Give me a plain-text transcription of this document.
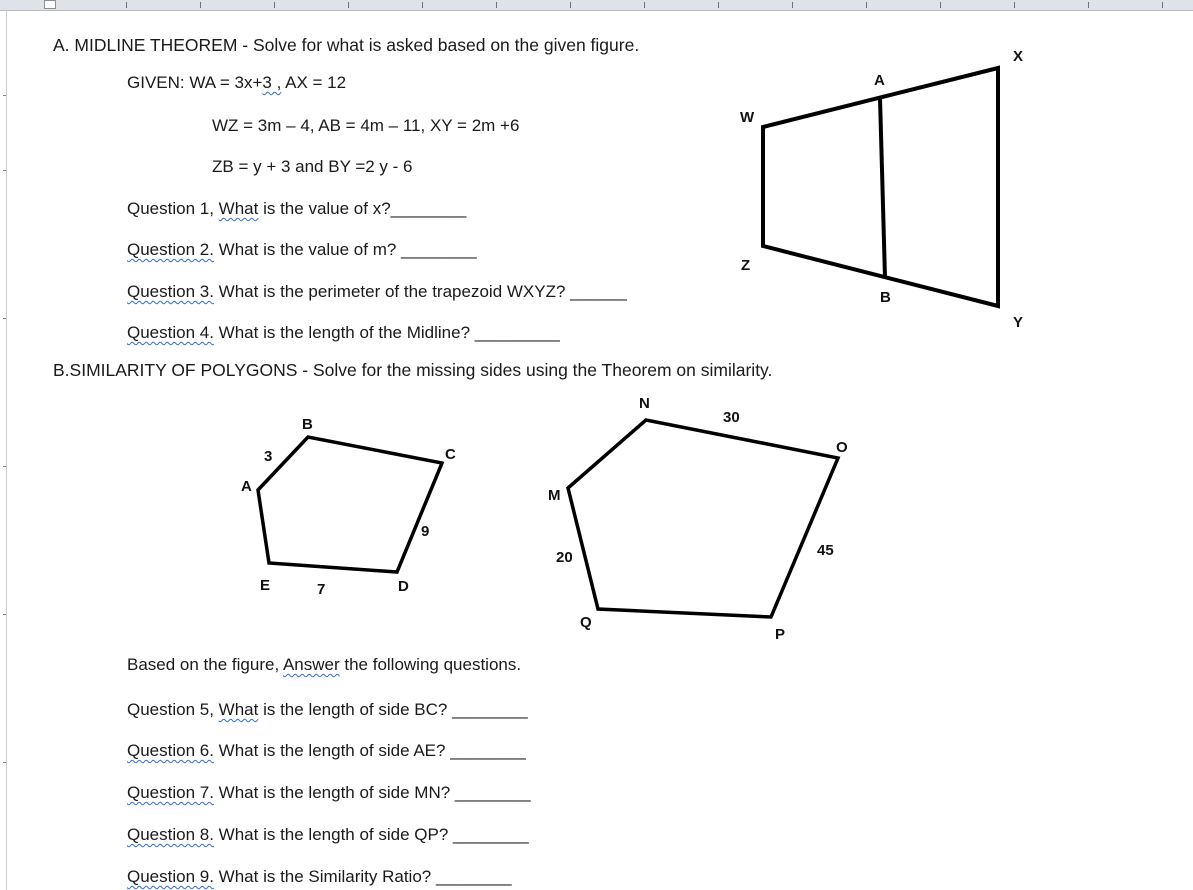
A. MIDLINE THEOREM - Solve for what is asked based on the given figure.
GIVEN: WA = 3x+3 , AX = 12
WZ = 3m – 4, AB = 4m – 11, XY = 2m +6
ZB = y + 3 and BY =2 y - 6
Question 1, What is the value of x?________
Question 2. What is the value of m? ________
Question 3. What is the perimeter of the trapezoid WXYZ? ______
Question 4. What is the length of the Midline? _________
B.SIMILARITY OF POLYGONS - Solve for the missing sides using the Theorem on similarity.
Based on the figure, Answer the following questions.
Question 5, What is the length of side BC? ________
Question 6. What is the length of side AE? ________
Question 7. What is the length of side MN? ________
Question 8. What is the length of side QP? ________
Question 9. What is the Similarity Ratio? ________
W
X
Y
Z
A
B
B
C
A
E	D
3
9
7
N
O
M
Q
P
30
45
20
